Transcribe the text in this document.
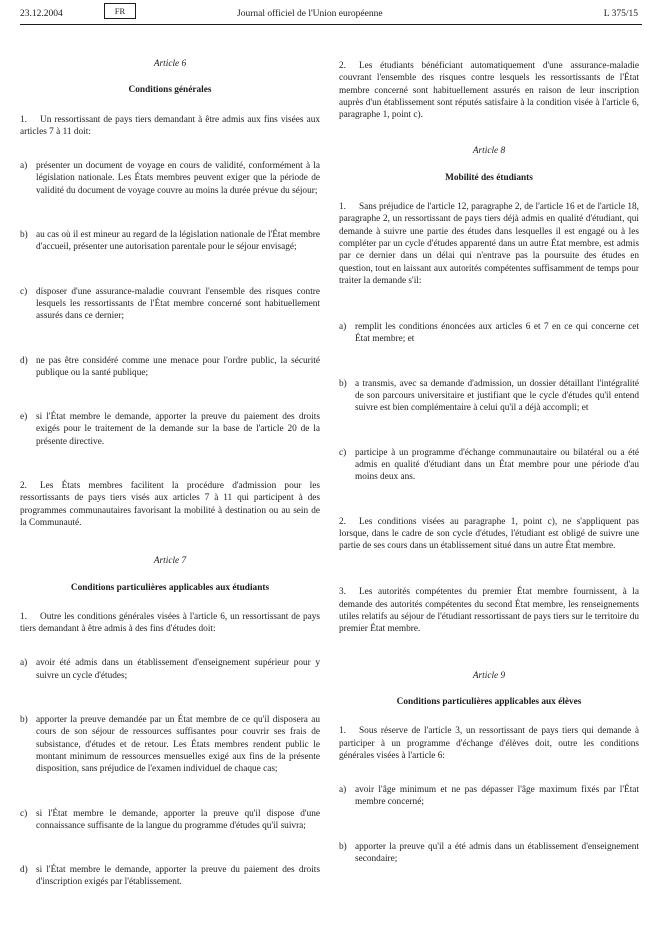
23.12.2004	FR	Journal officiel de l'Union européenne	L 375/15

Article 6

Conditions générales

1. Un ressortissant de pays tiers demandant à être admis aux fins visées aux articles 7 à 11 doit:

a) présenter un document de voyage en cours de validité, conformément à la législation nationale. Les États membres peuvent exiger que la période de validité du document de voyage couvre au moins la durée prévue du séjour;
b) au cas où il est mineur au regard de la législation nationale de l'État membre d'accueil, présenter une autorisation parentale pour le séjour envisagé;
c) disposer d'une assurance-maladie couvrant l'ensemble des risques contre lesquels les ressortissants de l'État membre concerné sont habituellement assurés dans ce dernier;
d) ne pas être considéré comme une menace pour l'ordre public, la sécurité publique ou la santé publique;
e) si l'État membre le demande, apporter la preuve du paiement des droits exigés pour le traitement de la demande sur la base de l'article 20 de la présente directive.

2. Les États membres facilitent la procédure d'admission pour les ressortissants de pays tiers visés aux articles 7 à 11 qui participent à des programmes communautaires favorisant la mobilité à destination ou au sein de la Communauté.

Article 7

Conditions particulières applicables aux étudiants

1. Outre les conditions générales visées à l'article 6, un ressortissant de pays tiers demandant à être admis à des fins d'études doit:

a) avoir été admis dans un établissement d'enseignement supérieur pour y suivre un cycle d'études;
b) apporter la preuve demandée par un État membre de ce qu'il disposera au cours de son séjour de ressources suffisantes pour couvrir ses frais de subsistance, d'études et de retour. Les États membres rendent public le montant minimum de ressources mensuelles exigé aux fins de la présente disposition, sans préjudice de l'examen individuel de chaque cas;
c) si l'État membre le demande, apporter la preuve qu'il dispose d'une connaissance suffisante de la langue du programme d'études qu'il suivra;
d) si l'État membre le demande, apporter la preuve du paiement des droits d'inscription exigés par l'établissement.

2. Les étudiants bénéficiant automatiquement d'une assurance-maladie couvrant l'ensemble des risques contre lesquels les ressortissants de l'État membre concerné sont habituellement assurés en raison de leur inscription auprès d'un établissement sont réputés satisfaire à la condition visée à l'article 6, paragraphe 1, point c).

Article 8

Mobilité des étudiants

1. Sans préjudice de l'article 12, paragraphe 2, de l'article 16 et de l'article 18, paragraphe 2, un ressortissant de pays tiers déjà admis en qualité d'étudiant, qui demande à suivre une partie des études dans lesquelles il est engagé ou à les compléter par un cycle d'études apparenté dans un autre État membre, est admis par ce dernier dans un délai qui n'entrave pas la poursuite des études en question, tout en laissant aux autorités compétentes suffisamment de temps pour traiter la demande s'il:

a) remplit les conditions énoncées aux articles 6 et 7 en ce qui concerne cet État membre; et
b) a transmis, avec sa demande d'admission, un dossier détaillant l'intégralité de son parcours universitaire et justifiant que le cycle d'études qu'il entend suivre est bien complémentaire à celui qu'il a déjà accompli; et
c) participe à un programme d'échange communautaire ou bilatéral ou a été admis en qualité d'étudiant dans un État membre pour une période d'au moins deux ans.

2. Les conditions visées au paragraphe 1, point c), ne s'appliquent pas lorsque, dans le cadre de son cycle d'études, l'étudiant est obligé de suivre une partie de ses cours dans un établissement situé dans un autre État membre.

3. Les autorités compétentes du premier État membre fournissent, à la demande des autorités compétentes du second État membre, les renseignements utiles relatifs au séjour de l'étudiant ressortissant de pays tiers sur le territoire du premier État membre.

Article 9

Conditions particulières applicables aux élèves

1. Sous réserve de l'article 3, un ressortissant de pays tiers qui demande à participer à un programme d'échange d'élèves doit, outre les conditions générales visées à l'article 6:

a) avoir l'âge minimum et ne pas dépasser l'âge maximum fixés par l'État membre concerné;
b) apporter la preuve qu'il a été admis dans un établissement d'enseignement secondaire;
